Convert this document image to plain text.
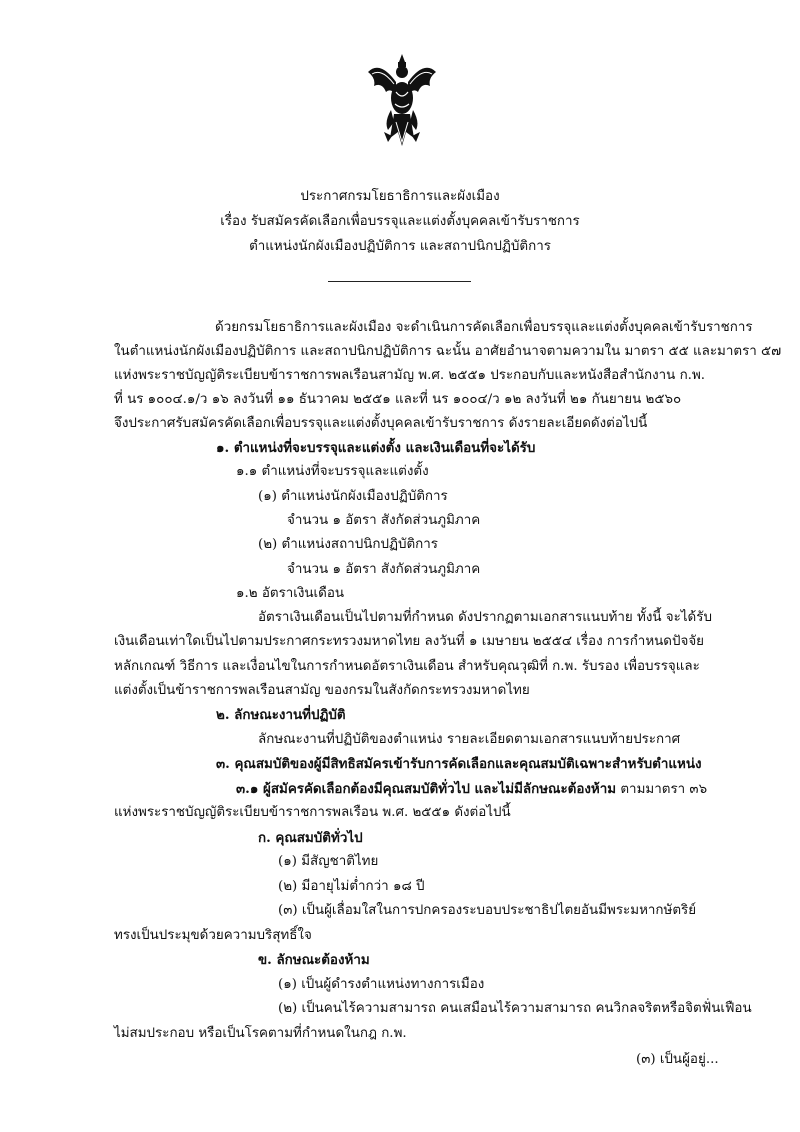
ประกาศกรมโยธาธิการและผังเมือง
เรื่อง รับสมัครคัดเลือกเพื่อบรรจุและแต่งตั้งบุคคลเข้ารับราชการ
ตำแหน่งนักผังเมืองปฏิบัติการ และสถาปนิกปฏิบัติการ
ด้วยกรมโยธาธิการและผังเมือง จะดำเนินการคัดเลือกเพื่อบรรจุและแต่งตั้งบุคคลเข้ารับราชการ
ในตำแหน่งนักผังเมืองปฏิบัติการ และสถาปนิกปฏิบัติการ ฉะนั้น อาศัยอำนาจตามความใน มาตรา ๕๕ และมาตรา ๕๗
แห่งพระราชบัญญัติระเบียบข้าราชการพลเรือนสามัญ พ.ศ. ๒๕๕๑ ประกอบกับและหนังสือสำนักงาน ก.พ.
ที่ นร ๑๐๐๔.๑/ว ๑๖ ลงวันที่ ๑๑ ธันวาคม ๒๕๕๑ และที่ นร ๑๐๐๔/ว ๑๒ ลงวันที่ ๒๑ กันยายน ๒๕๖๐
จึงประกาศรับสมัครคัดเลือกเพื่อบรรจุและแต่งตั้งบุคคลเข้ารับราชการ ดังรายละเอียดดังต่อไปนี้
๑. ตำแหน่งที่จะบรรจุและแต่งตั้ง และเงินเดือนที่จะได้รับ
๑.๑ ตำแหน่งที่จะบรรจุและแต่งตั้ง
(๑) ตำแหน่งนักผังเมืองปฏิบัติการ
จำนวน ๑ อัตรา สังกัดส่วนภูมิภาค
(๒) ตำแหน่งสถาปนิกปฏิบัติการ
จำนวน ๑ อัตรา สังกัดส่วนภูมิภาค
๑.๒ อัตราเงินเดือน
อัตราเงินเดือนเป็นไปตามที่กำหนด ดังปรากฏตามเอกสารแนบท้าย ทั้งนี้ จะได้รับ
เงินเดือนเท่าใดเป็นไปตามประกาศกระทรวงมหาดไทย ลงวันที่ ๑ เมษายน ๒๕๕๔ เรื่อง การกำหนดปัจจัย
หลักเกณฑ์ วิธีการ และเงื่อนไขในการกำหนดอัตราเงินเดือน สำหรับคุณวุฒิที่ ก.พ. รับรอง เพื่อบรรจุและ
แต่งตั้งเป็นข้าราชการพลเรือนสามัญ ของกรมในสังกัดกระทรวงมหาดไทย
๒. ลักษณะงานที่ปฏิบัติ
ลักษณะงานที่ปฏิบัติของตำแหน่ง รายละเอียดตามเอกสารแนบท้ายประกาศ
๓. คุณสมบัติของผู้มีสิทธิสมัครเข้ารับการคัดเลือกและคุณสมบัติเฉพาะสำหรับตำแหน่ง
๓.๑ ผู้สมัครคัดเลือกต้องมีคุณสมบัติทั่วไป และไม่มีลักษณะต้องห้าม ตามมาตรา ๓๖
แห่งพระราชบัญญัติระเบียบข้าราชการพลเรือน พ.ศ. ๒๕๕๑ ดังต่อไปนี้
ก. คุณสมบัติทั่วไป
(๑) มีสัญชาติไทย
(๒) มีอายุไม่ต่ำกว่า ๑๘ ปี
(๓) เป็นผู้เลื่อมใสในการปกครองระบอบประชาธิปไตยอันมีพระมหากษัตริย์
ทรงเป็นประมุขด้วยความบริสุทธิ์ใจ
ข. ลักษณะต้องห้าม
(๑) เป็นผู้ดำรงตำแหน่งทางการเมือง
(๒) เป็นคนไร้ความสามารถ คนเสมือนไร้ความสามารถ คนวิกลจริตหรือจิตฟั่นเฟือน
ไม่สมประกอบ หรือเป็นโรคตามที่กำหนดในกฎ ก.พ.
(๓) เป็นผู้อยู่...
